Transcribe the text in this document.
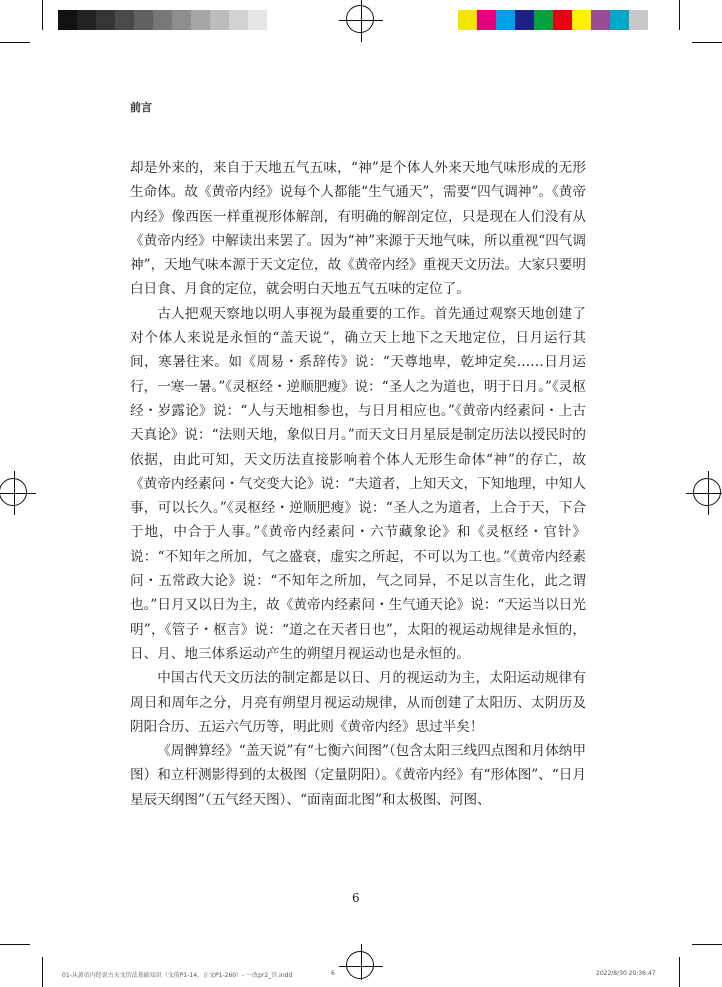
前言

却是外来的，来自于天地五气五味，“神”是个体人外来天地气味形成的无形生命体。故《黄帝内经》说每个人都能“生气通天”，需要“四气调神”。《黄帝内经》像西医一样重视形体解剖，有明确的解剖定位，只是现在人们没有从《黄帝内经》中解读出来罢了。因为“神”来源于天地气味，所以重视“四气调神”，天地气味本源于天文定位，故《黄帝内经》重视天文历法。大家只要明白日食、月食的定位，就会明白天地五气五味的定位了。

古人把观天察地以明人事视为最重要的工作。首先通过观察天地创建了对个体人来说是永恒的“盖天说”，确立天上地下之天地定位，日月运行其间，寒暑往来。如《周易・系辞传》说：“天尊地卑，乾坤定矣……日月运行，一寒一暑。”《灵枢经・逆顺肥瘦》说：“圣人之为道也，明于日月。”《灵枢经・岁露论》说：“人与天地相参也，与日月相应也。”《黄帝内经素问・上古天真论》说：“法则天地，象似日月。”而天文日月星辰是制定历法以授民时的依据，由此可知，天文历法直接影响着个体人无形生命体“神”的存亡，故《黄帝内经素问・气交变大论》说：“夫道者，上知天文，下知地理，中知人事，可以长久。”《灵枢经・逆顺肥瘦》说：“圣人之为道者，上合于天，下合于地，中合于人事。”《黄帝内经素问・六节藏象论》和《灵枢经・官针》说：“不知年之所加，气之盛衰，虚实之所起，不可以为工也。”《黄帝内经素问・五常政大论》说：“不知年之所加，气之同异，不足以言生化，此之谓也。”日月又以日为主，故《黄帝内经素问・生气通天论》说：“天运当以日光明”，《管子・枢言》说：“道之在天者日也”，太阳的视运动规律是永恒的，日、月、地三体系运动产生的朔望月视运动也是永恒的。

中国古代天文历法的制定都是以日、月的视运动为主，太阳运动规律有周日和周年之分，月亮有朔望月视运动规律，从而创建了太阳历、太阴历及阴阳合历、五运六气历等，明此则《黄帝内经》思过半矣！

《周髀算经》“盖天说”有“七衡六间图”（包含太阳三线四点图和月体纳甲图）和立杆测影得到的太极图（定量阴阳）。《黄帝内经》有“形体图”、“日月星辰天纲图”（五气经天图）、“面南面北图”和太极图、河图、

6
01-从黄帝内经说古天文历法基础知识（文前P1-14，正文P1-260）- 一改pr2_宫.indd	6	2022/8/30 20:36:47
